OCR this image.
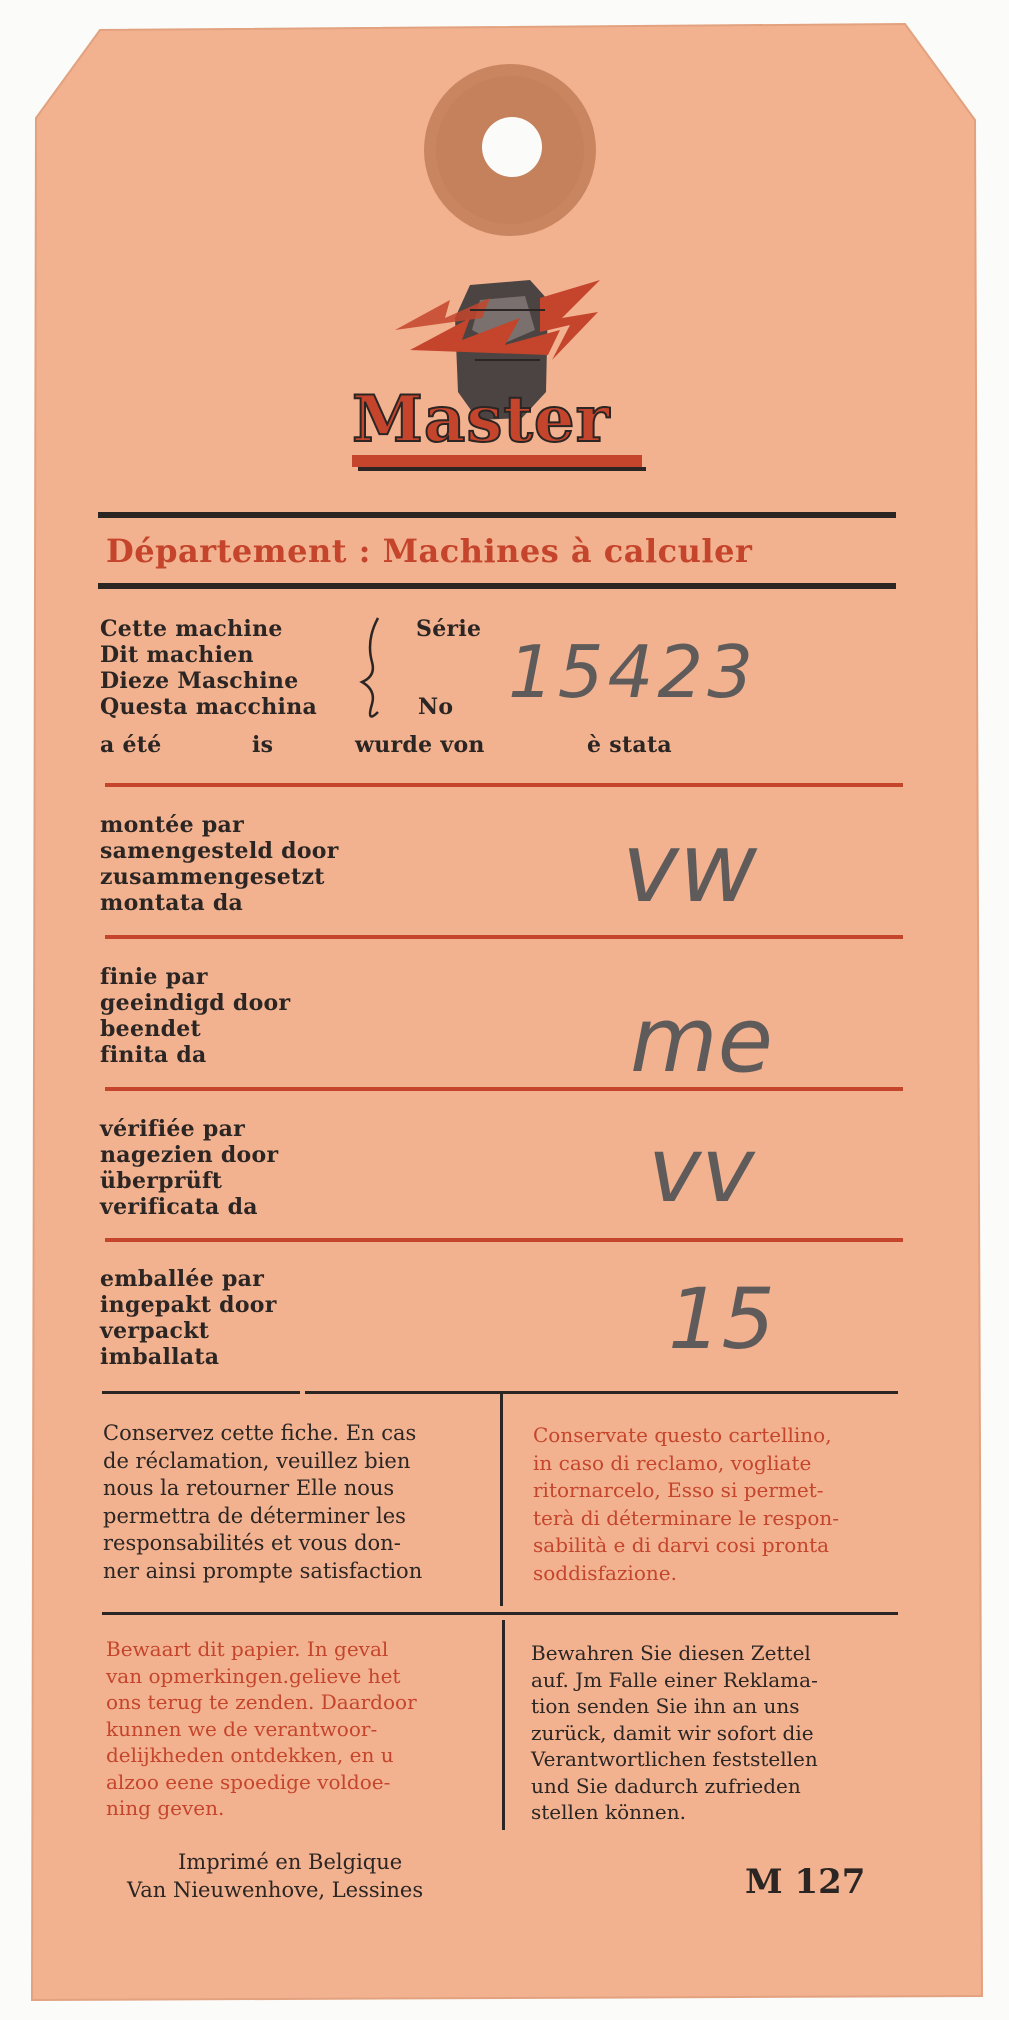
Master
Département : Machines à calculer
Cette machine
Dit machien
Dieze Maschine
Questa macchina
Série
No
a été	is	wurde von	è stata
15423
montée par
samengesteld door
zusammengesetzt
montata da	vw
finie par
geeindigd door
beendet
finita da	me
vérifiée par
nagezien door
überprüft
verificata da	vv
emballée par
ingepakt door
verpackt
imballata	15
Conservez cette fiche. En cas
de réclamation, veuillez bien
nous la retourner Elle nous
permettra de déterminer les
responsabilités et vous don-
ner ainsi prompte satisfaction
Conservate questo cartellino,
in caso di reclamo, vogliate
ritornarcelo, Esso si permet-
terà di déterminare le respon-
sabilità e di darvi cosi pronta
soddisfazione.
Bewaart dit papier. In geval
van opmerkingen.gelieve het
ons terug te zenden. Daardoor
kunnen we de verantwoor-
delijkheden ontdekken, en u
alzoo eene spoedige voldoe-
ning geven.
Bewahren Sie diesen Zettel
auf. Jm Falle einer Reklama-
tion senden Sie ihn an uns
zurück, damit wir sofort die
Verantwortlichen feststellen
und Sie dadurch zufrieden
stellen können.
Imprimé en Belgique
Van Nieuwenhove, Lessines	M 127
